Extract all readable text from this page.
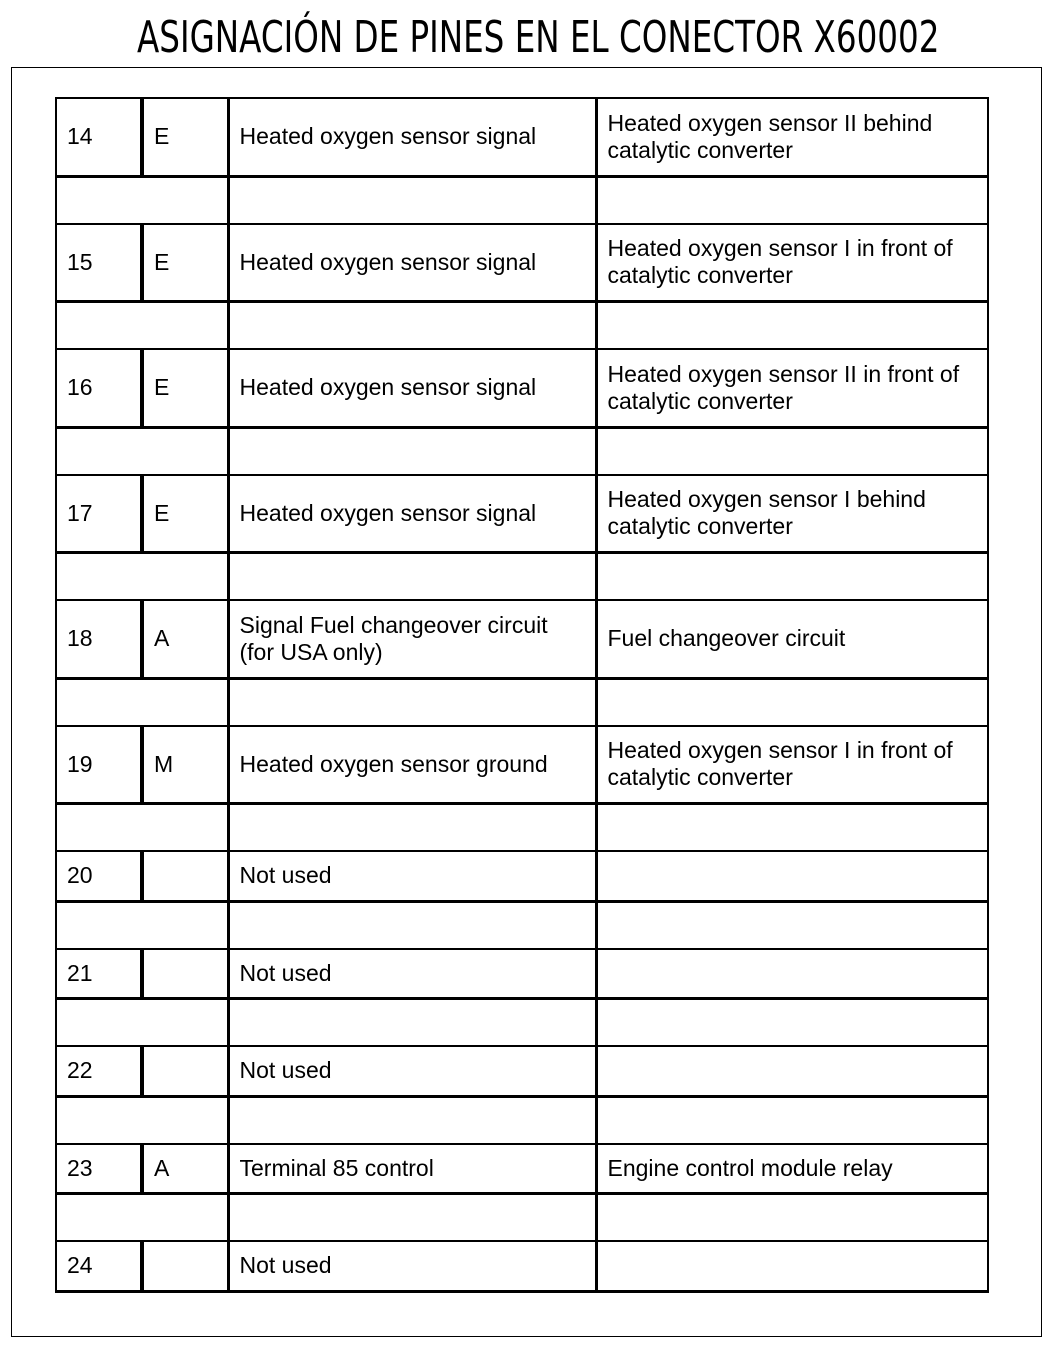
ASIGNACIÓN DE PINES EN EL CONECTOR X60002
14	E	Heated oxygen sensor signal	Heated oxygen sensor II behind catalytic converter

15	E	Heated oxygen sensor signal	Heated oxygen sensor I in front of catalytic converter

16	E	Heated oxygen sensor signal	Heated oxygen sensor II in front of catalytic converter

17	E	Heated oxygen sensor signal	Heated oxygen sensor I behind catalytic converter

18	A	Signal Fuel changeover circuit (for USA only)	Fuel changeover circuit

19	M	Heated oxygen sensor ground	Heated oxygen sensor I in front of catalytic converter

20		Not used	

21		Not used	

22		Not used	

23	A	Terminal 85 control	Engine control module relay

24		Not used	
